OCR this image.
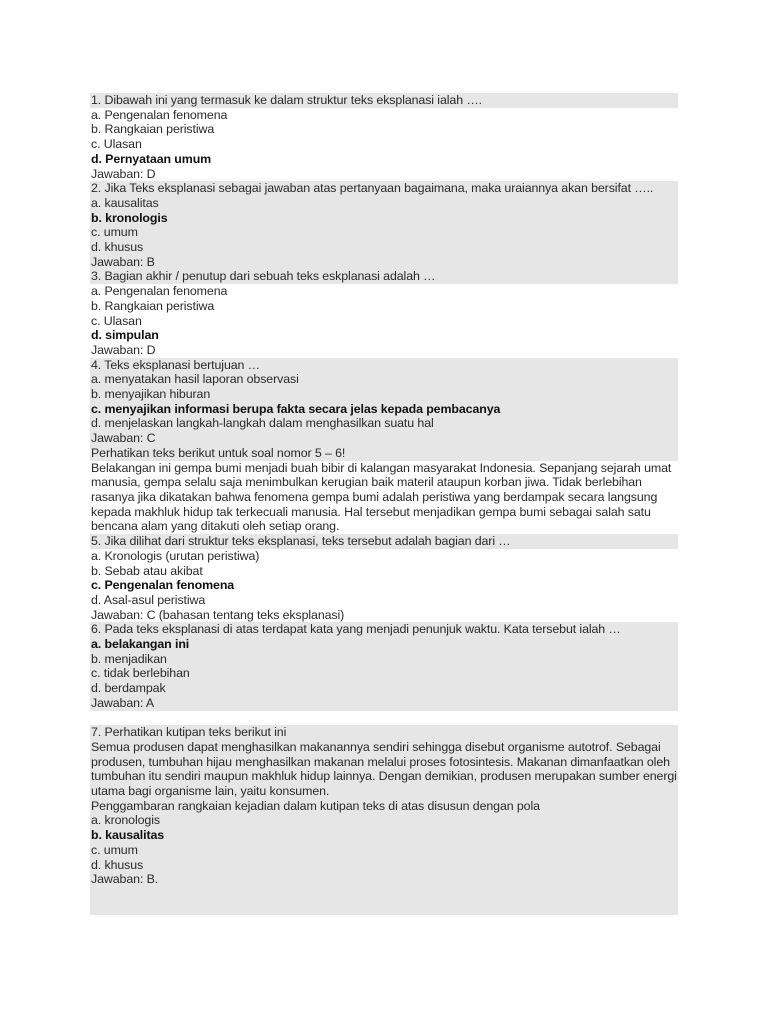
1. Dibawah ini yang termasuk ke dalam struktur teks eksplanasi ialah ….
a. Pengenalan fenomena
b. Rangkaian peristiwa
c. Ulasan
d. Pernyataan umum
Jawaban: D
2. Jika Teks eksplanasi sebagai jawaban atas pertanyaan bagaimana, maka uraiannya akan bersifat …..
a. kausalitas
b. kronologis
c. umum
d. khusus
Jawaban: B
3. Bagian akhir / penutup dari sebuah teks eskplanasi adalah …
a. Pengenalan fenomena
b. Rangkaian peristiwa
c. Ulasan
d. simpulan
Jawaban: D
4. Teks eksplanasi bertujuan …
a. menyatakan hasil laporan observasi
b. menyajikan hiburan
c. menyajikan informasi berupa fakta secara jelas kepada pembacanya
d. menjelaskan langkah-langkah dalam menghasilkan suatu hal
Jawaban: C
Perhatikan teks berikut untuk soal nomor 5 – 6!
Belakangan ini gempa bumi menjadi buah bibir di kalangan masyarakat Indonesia. Sepanjang sejarah umat manusia, gempa selalu saja menimbulkan kerugian baik materil ataupun korban jiwa. Tidak berlebihan rasanya jika dikatakan bahwa fenomena gempa bumi adalah peristiwa yang berdampak secara langsung kepada makhluk hidup tak terkecuali manusia. Hal tersebut menjadikan gempa bumi sebagai salah satu bencana alam yang ditakuti oleh setiap orang.
5. Jika dilihat dari struktur teks eksplanasi, teks tersebut adalah bagian dari …
a. Kronologis (urutan peristiwa)
b. Sebab atau akibat
c. Pengenalan fenomena
d. Asal-asul peristiwa
Jawaban: C (bahasan tentang teks eksplanasi)
6. Pada teks eksplanasi di atas terdapat kata yang menjadi penunjuk waktu. Kata tersebut ialah …
a. belakangan ini
b. menjadikan
c. tidak berlebihan
d. berdampak
Jawaban: A
7. Perhatikan kutipan teks berikut ini
Semua produsen dapat menghasilkan makanannya sendiri sehingga disebut organisme autotrof. Sebagai produsen, tumbuhan hijau menghasilkan makanan melalui proses fotosintesis. Makanan dimanfaatkan oleh tumbuhan itu sendiri maupun makhluk hidup lainnya. Dengan demikian, produsen merupakan sumber energi utama bagi organisme lain, yaitu konsumen.
Penggambaran rangkaian kejadian dalam kutipan teks di atas disusun dengan pola
a. kronologis
b. kausalitas
c. umum
d. khusus
Jawaban: B.
